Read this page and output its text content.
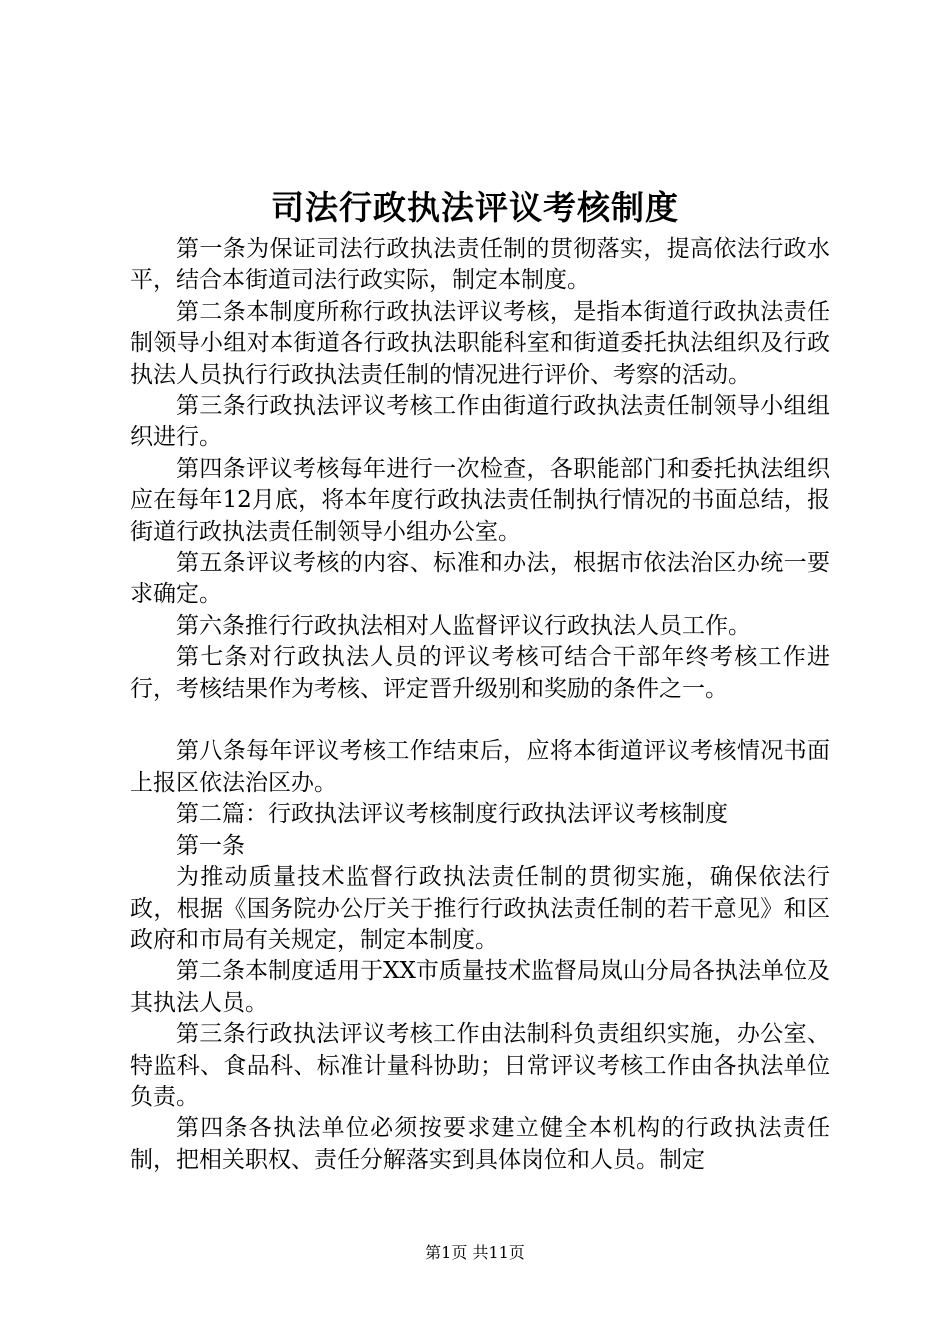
司法行政执法评议考核制度

第一条为保证司法行政执法责任制的贯彻落实，提高依法行政水平，结合本街道司法行政实际，制定本制度。

第二条本制度所称行政执法评议考核，是指本街道行政执法责任制领导小组对本街道各行政执法职能科室和街道委托执法组织及行政执法人员执行行政执法责任制的情况进行评价、考察的活动。

第三条行政执法评议考核工作由街道行政执法责任制领导小组组织进行。

第四条评议考核每年进行一次检查，各职能部门和委托执法组织应在每年12月底，将本年度行政执法责任制执行情况的书面总结，报街道行政执法责任制领导小组办公室。

第五条评议考核的内容、标准和办法，根据市依法治区办统一要求确定。

第六条推行行政执法相对人监督评议行政执法人员工作。

第七条对行政执法人员的评议考核可结合干部年终考核工作进行，考核结果作为考核、评定晋升级别和奖励的条件之一。

第八条每年评议考核工作结束后，应将本街道评议考核情况书面上报区依法治区办。

第二篇：行政执法评议考核制度行政执法评议考核制度

第一条

为推动质量技术监督行政执法责任制的贯彻实施，确保依法行政，根据《国务院办公厅关于推行行政执法责任制的若干意见》和区政府和市局有关规定，制定本制度。

第二条本制度适用于XX市质量技术监督局岚山分局各执法单位及其执法人员。

第三条行政执法评议考核工作由法制科负责组织实施，办公室、特监科、食品科、标准计量科协助；日常评议考核工作由各执法单位负责。

第四条各执法单位必须按要求建立健全本机构的行政执法责任制，把相关职权、责任分解落实到具体岗位和人员。制定

第1页 共11页
